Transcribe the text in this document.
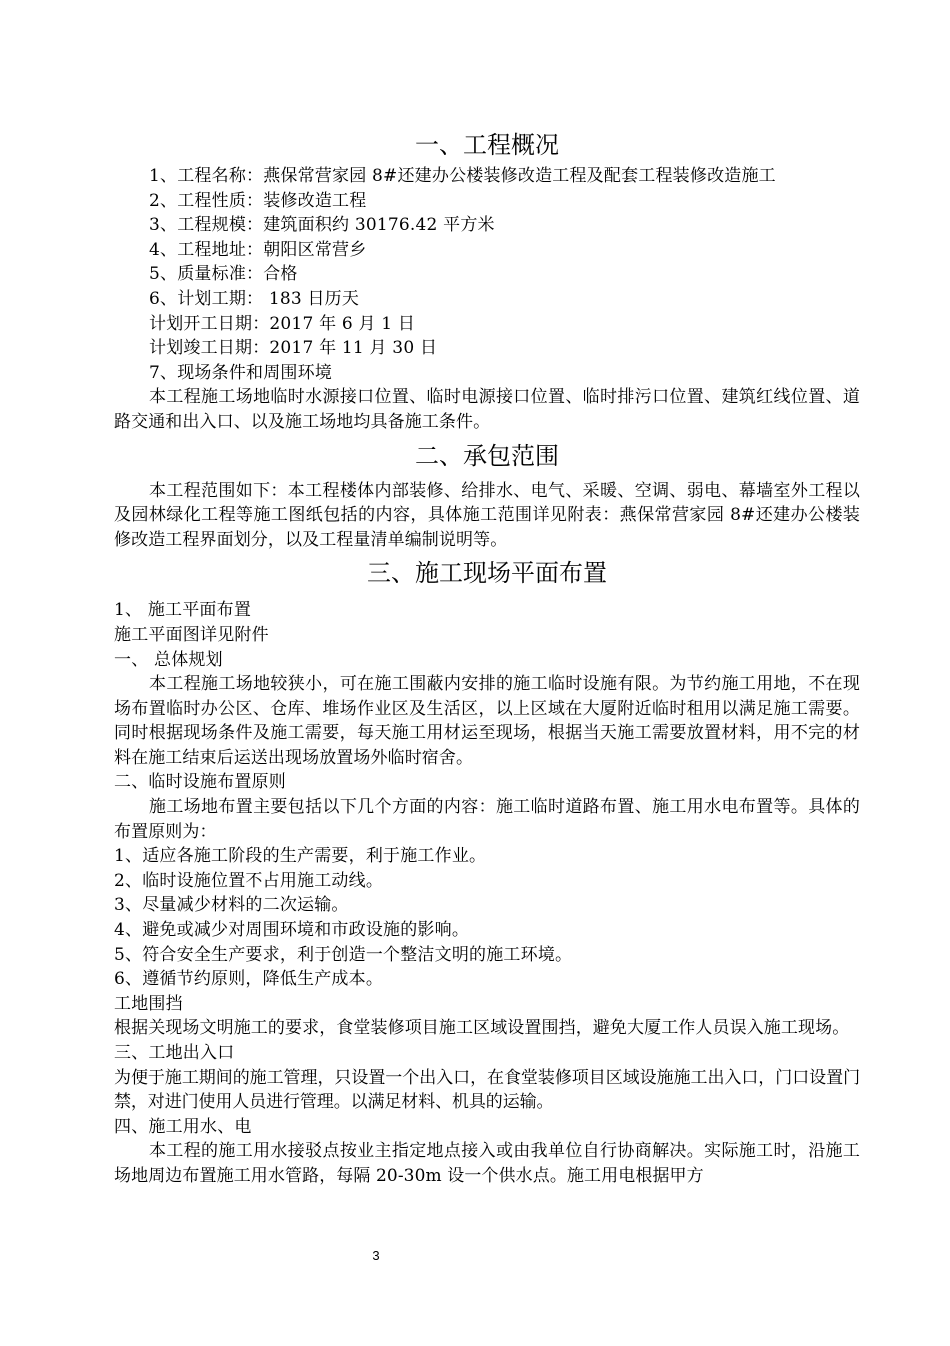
一、工程概况

1、工程名称：燕保常营家园 8#还建办公楼装修改造工程及配套工程装修改造施工

2、工程性质：装修改造工程

3、工程规模：建筑面积约 30176.42 平方米

4、工程地址：朝阳区常营乡

5、质量标准：合格

6、计划工期： 183 日历天

计划开工日期：2017 年 6 月 1 日

计划竣工日期：2017 年 11 月 30 日

7、现场条件和周围环境

本工程施工场地临时水源接口位置、临时电源接口位置、临时排污口位置、建筑红线位置、道路交通和出入口、以及施工场地均具备施工条件。

二、承包范围

本工程范围如下：本工程楼体内部装修、给排水、电气、采暖、空调、弱电、幕墙室外工程以及园林绿化工程等施工图纸包括的内容，具体施工范围详见附表：燕保常营家园 8#还建办公楼装修改造工程界面划分，以及工程量清单编制说明等。

三、施工现场平面布置

1、 施工平面布置

施工平面图详见附件

一、 总体规划

本工程施工场地较狭小，可在施工围蔽内安排的施工临时设施有限。为节约施工用地，不在现场布置临时办公区、仓库、堆场作业区及生活区，以上区域在大厦附近临时租用以满足施工需要。同时根据现场条件及施工需要，每天施工用材运至现场，根据当天施工需要放置材料，用不完的材料在施工结束后运送出现场放置场外临时宿舍。

二、临时设施布置原则

施工场地布置主要包括以下几个方面的内容：施工临时道路布置、施工用水电布置等。具体的布置原则为：

1、适应各施工阶段的生产需要，利于施工作业。

2、临时设施位置不占用施工动线。

3、尽量减少材料的二次运输。

4、避免或减少对周围环境和市政设施的影响。

5、符合安全生产要求，利于创造一个整洁文明的施工环境。

6、遵循节约原则，降低生产成本。

工地围挡

根据关现场文明施工的要求，食堂装修项目施工区域设置围挡，避免大厦工作人员误入施工现场。

三、工地出入口

为便于施工期间的施工管理，只设置一个出入口，在食堂装修项目区域设施施工出入口，门口设置门禁，对进门使用人员进行管理。以满足材料、机具的运输。

四、施工用水、电

本工程的施工用水接驳点按业主指定地点接入或由我单位自行协商解决。实际施工时，沿施工场地周边布置施工用水管路，每隔 20-30m 设一个供水点。施工用电根据甲方

3
